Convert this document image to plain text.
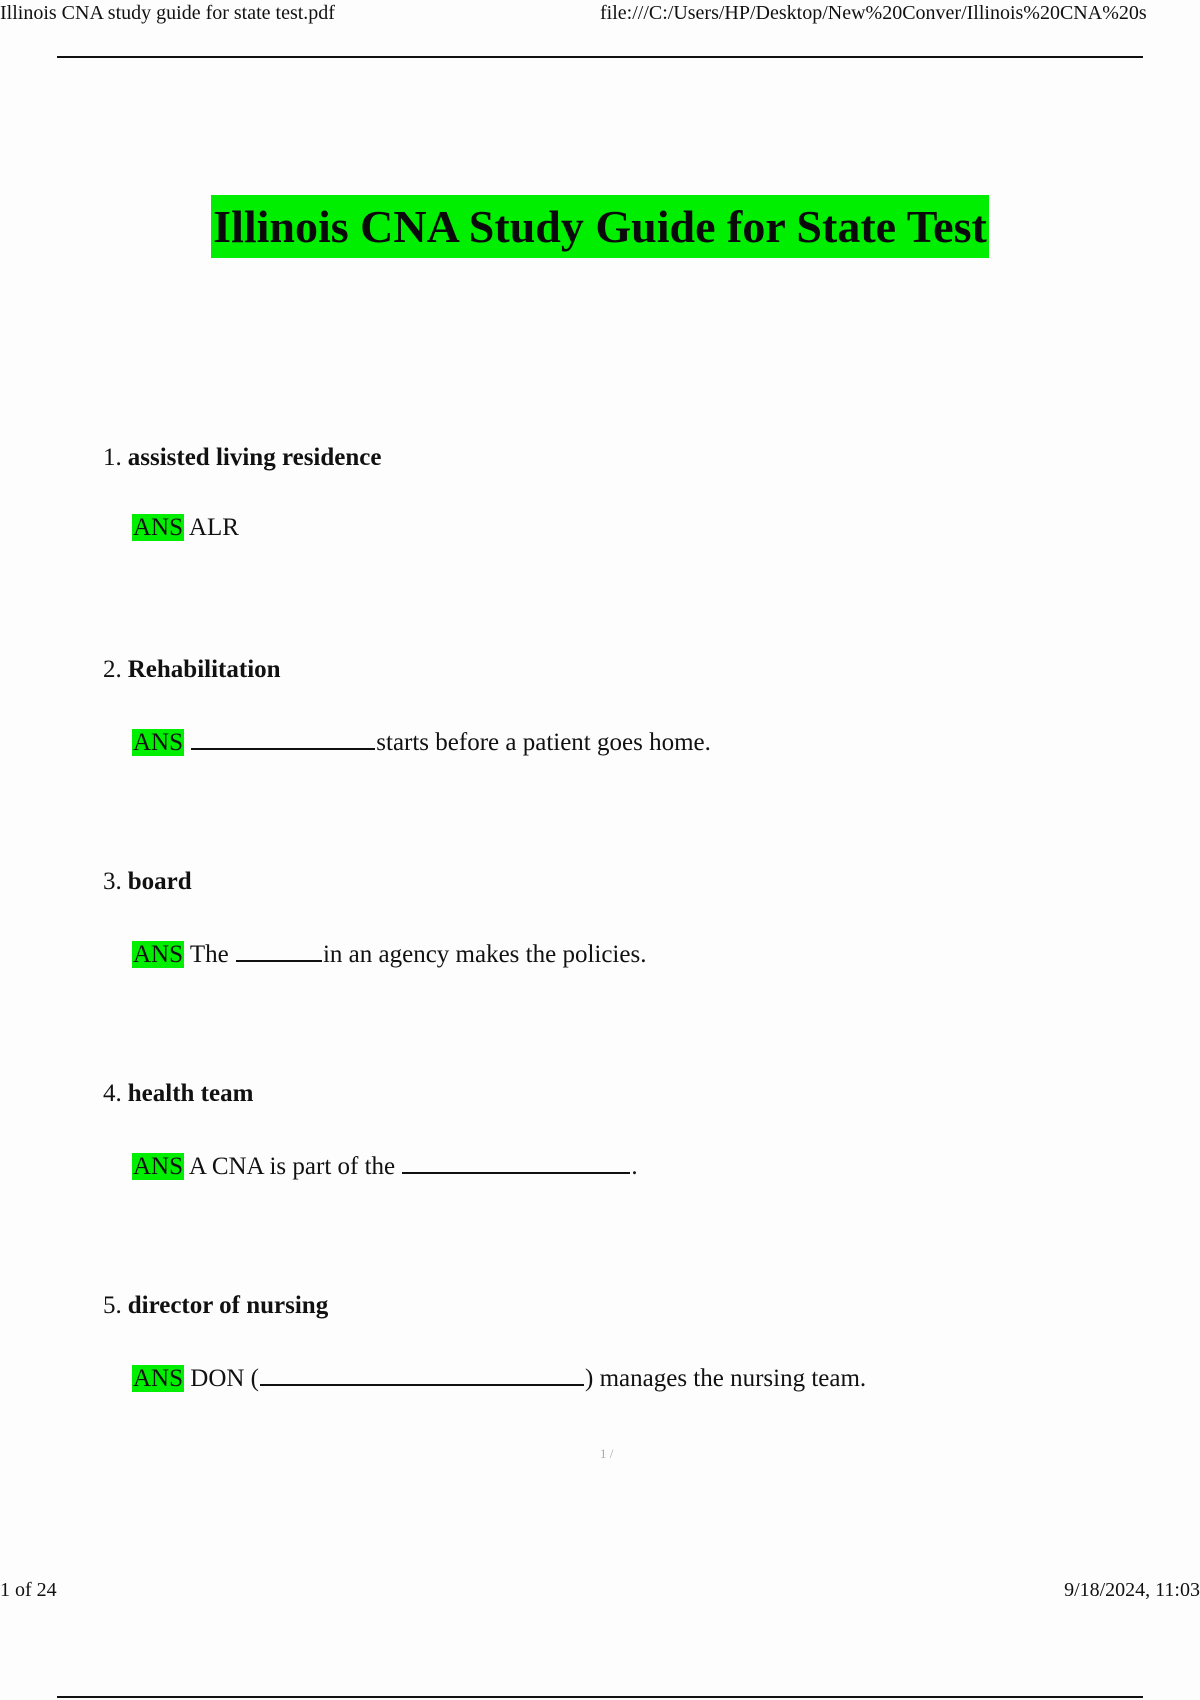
Illinois CNA study guide for state test.pdf	file:///C:/Users/HP/Desktop/New%20Conver/Illinois%20CNA%20s
Illinois CNA Study Guide for State Test
1. assisted living residence
ANS ALR
2. Rehabilitation
ANS	starts before a patient goes home.
3. board
ANS The	in an agency makes the policies.
4. health team
ANS A CNA is part of the	.
5. director of nursing
ANS DON (	) manages the nursing team.
1 /
1 of 24	9/18/2024, 11:03
